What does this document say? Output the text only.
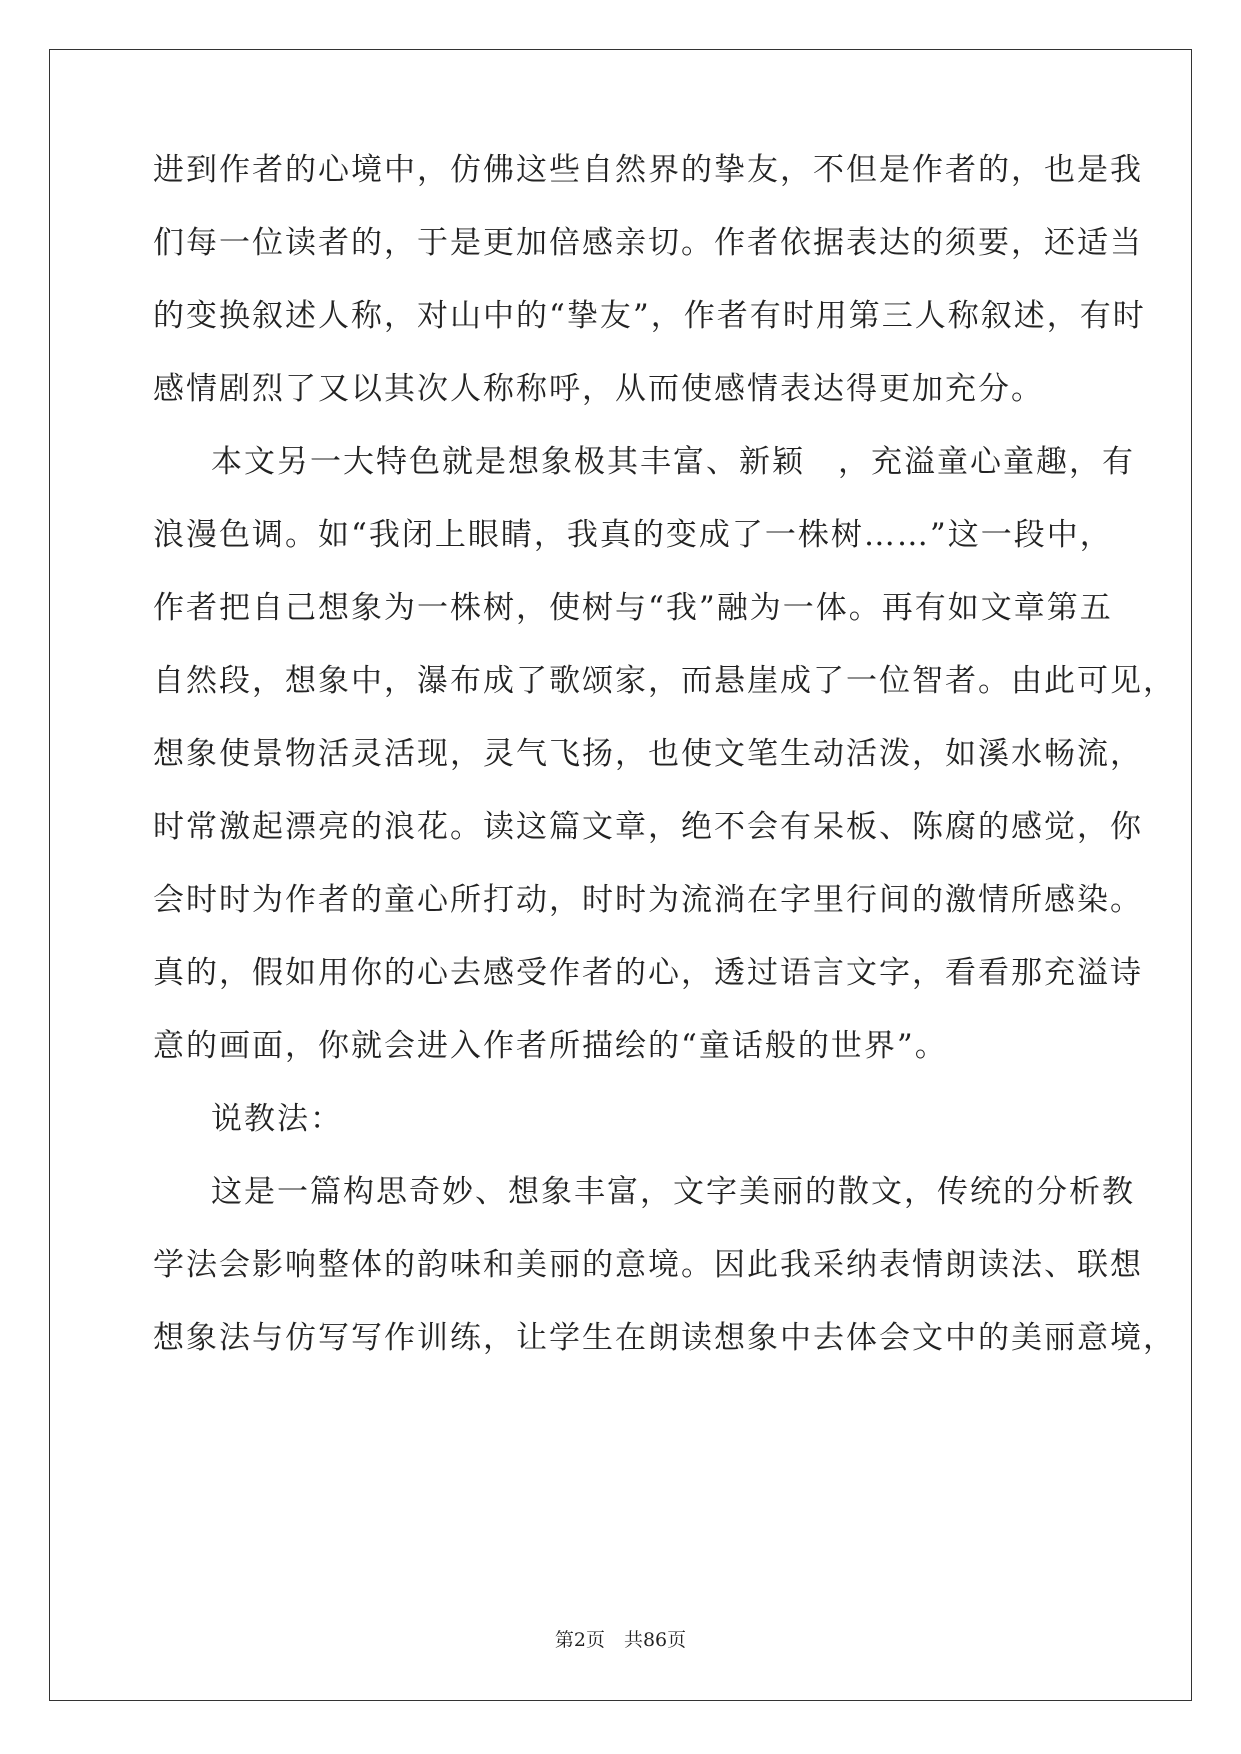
进到作者的心境中，仿佛这些自然界的挚友，不但是作者的，也是我
们每一位读者的，于是更加倍感亲切。作者依据表达的须要，还适当
的变换叙述人称，对山中的“挚友”，作者有时用第三人称叙述，有时
感情剧烈了又以其次人称称呼，从而使感情表达得更加充分。
本文另一大特色就是想象极其丰富、新颖　，充溢童心童趣，有
浪漫色调。如“我闭上眼睛，我真的变成了一株树……”这一段中，
作者把自己想象为一株树，使树与“我”融为一体。再有如文章第五
自然段，想象中，瀑布成了歌颂家，而悬崖成了一位智者。由此可见，
想象使景物活灵活现，灵气飞扬，也使文笔生动活泼，如溪水畅流，
时常激起漂亮的浪花。读这篇文章，绝不会有呆板、陈腐的感觉，你
会时时为作者的童心所打动，时时为流淌在字里行间的激情所感染。
真的，假如用你的心去感受作者的心，透过语言文字，看看那充溢诗
意的画面，你就会进入作者所描绘的“童话般的世界”。
说教法：
这是一篇构思奇妙、想象丰富，文字美丽的散文，传统的分析教
学法会影响整体的韵味和美丽的意境。因此我采纳表情朗读法、联想
想象法与仿写写作训练，让学生在朗读想象中去体会文中的美丽意境，
第2页　共86页
